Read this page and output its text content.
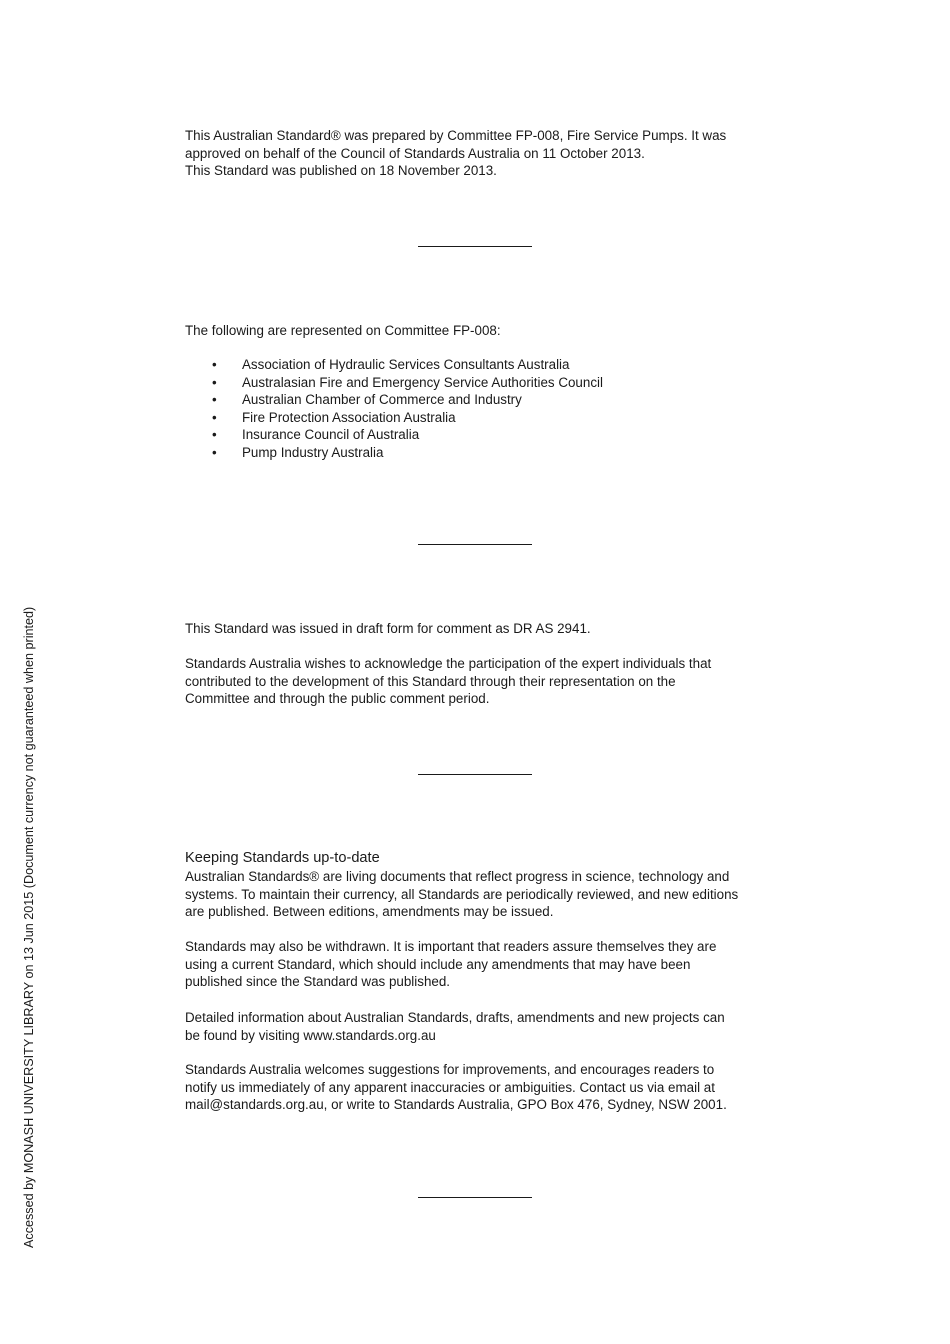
This Australian Standard® was prepared by Committee FP-008, Fire Service Pumps. It was
approved on behalf of the Council of Standards Australia on 11 October 2013.
This Standard was published on 18 November 2013.
The following are represented on Committee FP-008:
• Association of Hydraulic Services Consultants Australia
• Australasian Fire and Emergency Service Authorities Council
• Australian Chamber of Commerce and Industry
• Fire Protection Association Australia
• Insurance Council of Australia
• Pump Industry Australia
This Standard was issued in draft form for comment as DR AS 2941.
Standards Australia wishes to acknowledge the participation of the expert individuals that
contributed to the development of this Standard through their representation on the
Committee and through the public comment period.
Keeping Standards up-to-date
Australian Standards® are living documents that reflect progress in science, technology and
systems. To maintain their currency, all Standards are periodically reviewed, and new editions
are published. Between editions, amendments may be issued.
Standards may also be withdrawn. It is important that readers assure themselves they are
using a current Standard, which should include any amendments that may have been
published since the Standard was published.
Detailed information about Australian Standards, drafts, amendments and new projects can
be found by visiting www.standards.org.au
Standards Australia welcomes suggestions for improvements, and encourages readers to
notify us immediately of any apparent inaccuracies or ambiguities. Contact us via email at
mail@standards.org.au, or write to Standards Australia, GPO Box 476, Sydney, NSW 2001.
Accessed by MONASH UNIVERSITY LIBRARY on 13 Jun 2015 (Document currency not guaranteed when printed)
